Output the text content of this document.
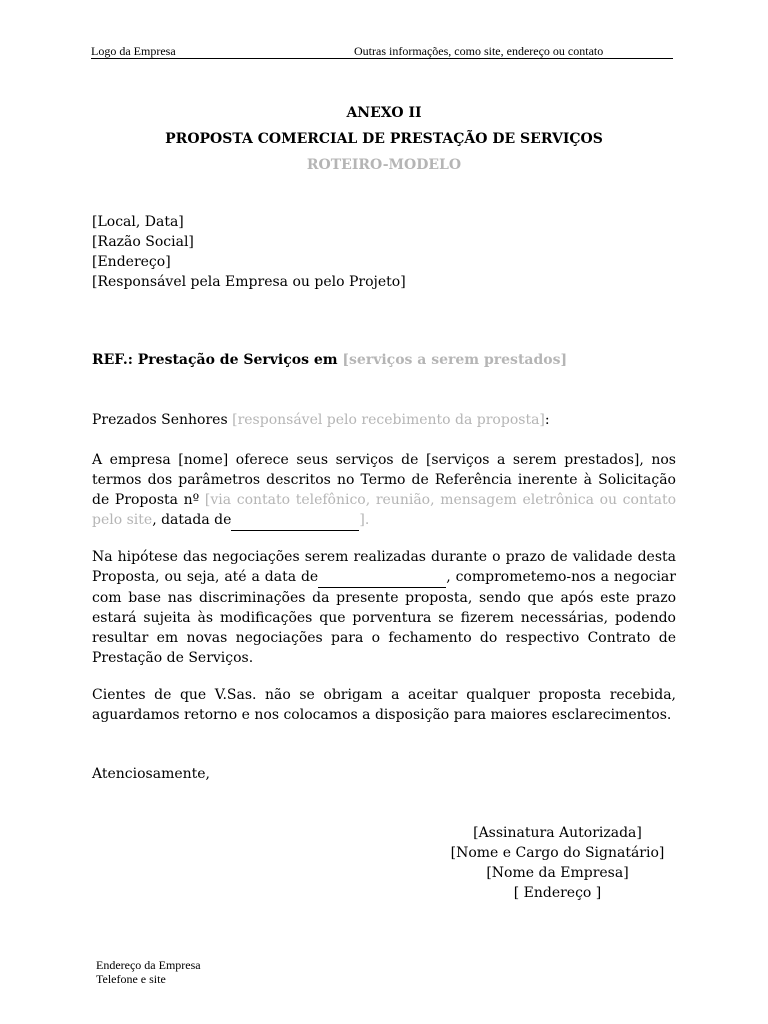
Logo da Empresa	Outras informações, como site, endereço ou contato
ANEXO II
PROPOSTA COMERCIAL DE PRESTAÇÃO DE SERVIÇOS
ROTEIRO-MODELO
[Local, Data]
[Razão Social]
[Endereço]
[Responsável pela Empresa ou pelo Projeto]
REF.: Prestação de Serviços em [serviços a serem prestados]
Prezados Senhores [responsável pelo recebimento da proposta]:
A empresa [nome] oferece seus serviços de [serviços a serem prestados], nos termos dos parâmetros descritos no Termo de Referência inerente à Solicitação de Proposta nº [via contato telefônico, reunião, mensagem eletrônica ou contato pelo site, datada de	].
Na hipótese das negociações serem realizadas durante o prazo de validade desta Proposta, ou seja, até a data de	, comprometemo-nos a negociar com base nas discriminações da presente proposta, sendo que após este prazo estará sujeita às modificações que porventura se fizerem necessárias, podendo resultar em novas negociações para o fechamento do respectivo Contrato de Prestação de Serviços.
Cientes de que V.Sas. não se obrigam a aceitar qualquer proposta recebida, aguardamos retorno e nos colocamos a disposição para maiores esclarecimentos.
Atenciosamente,
[Assinatura Autorizada]
[Nome e Cargo do Signatário]
[Nome da Empresa]
[ Endereço ]
Endereço da Empresa
Telefone e site
